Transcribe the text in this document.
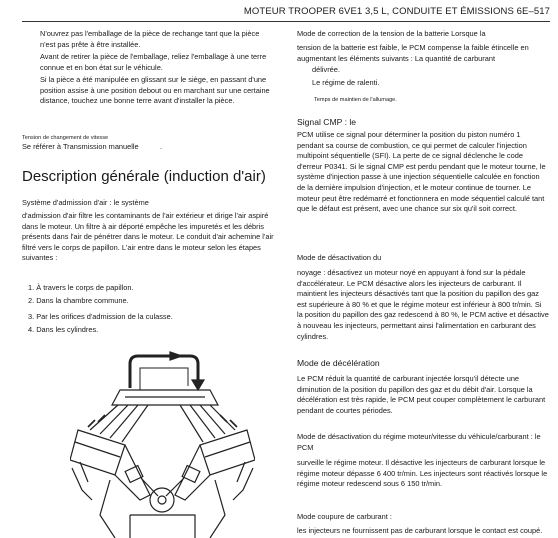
MOTEUR TROOPER 6VE1 3,5 L, CONDUITE ET ÉMISSIONS 6E–517

N'ouvrez pas l'emballage de la pièce de rechange tant que la pièce n'est pas prête à être installée.

Avant de retirer la pièce de l'emballage, reliez l'emballage à une terre connue et en bon état sur le véhicule.

Si la pièce a été manipulée en glissant sur le siège, en passant d'une position assise à une position debout ou en marchant sur une certaine distance, touchez une bonne terre avant d'installer la pièce.

Tension de changement de vitesse

Se référer à Transmission manuelle	.
Description générale (induction d'air)

Système d'admission d'air : le système

d'admission d'air filtre les contaminants de l'air extérieur et dirige l'air aspiré dans le moteur. Un filtre à air déporté empêche les impuretés et les débris présents dans l'air de pénétrer dans le moteur. Le conduit d'air achemine l'air filtré vers le corps de papillon. L'air entre dans le moteur selon les étapes suivantes :

1. À travers le corps de papillon.

2. Dans la chambre commune.

3. Par les orifices d'admission de la culasse.

4. Dans les cylindres.

Mode de correction de la tension de la batterie Lorsque la

tension de la batterie est faible, le PCM compense la faible étincelle en augmentant les éléments suivants : La quantité de carburant

délivrée.

Le régime de ralenti.

Temps de maintien de l'allumage.

Signal CMP : le

PCM utilise ce signal pour déterminer la position du piston numéro 1 pendant sa course de combustion, ce qui permet de calculer l'injection multipoint séquentielle (SFI). La perte de ce signal déclenche le code d'erreur P0341. Si le signal CMP est perdu pendant que le moteur tourne, le système d'injection passe à une injection séquentielle calculée en fonction de la dernière impulsion d'injection, et le moteur continue de tourner. Le moteur peut être redémarré et fonctionnera en mode séquentiel calculé tant que le défaut est présent, avec une chance sur six qu'il soit correct.

Mode de désactivation du

noyage : désactivez un moteur noyé en appuyant à fond sur la pédale d'accélérateur. Le PCM désactive alors les injecteurs de carburant. Il maintient les injecteurs désactivés tant que la position du papillon des gaz est supérieure à 80 % et que le régime moteur est inférieur à 800 tr/min. Si la position du papillon des gaz redescend à 80 %, le PCM active et désactive à nouveau les injecteurs, permettant ainsi l'alimentation en carburant des cylindres.

Mode de décélération

Le PCM réduit la quantité de carburant injectée lorsqu'il détecte une diminution de la position du papillon des gaz et du débit d'air. Lorsque la décélération est très rapide, le PCM peut couper complètement le carburant pendant de courtes périodes.

Mode de désactivation du régime moteur/vitesse du véhicule/carburant : le PCM

surveille le régime moteur. Il désactive les injecteurs de carburant lorsque le régime moteur dépasse 6 400 tr/min. Les injecteurs sont réactivés lorsque le régime moteur redescend sous 6 150 tr/min.

Mode coupure de carburant :

les injecteurs ne fournissent pas de carburant lorsque le contact est coupé.
